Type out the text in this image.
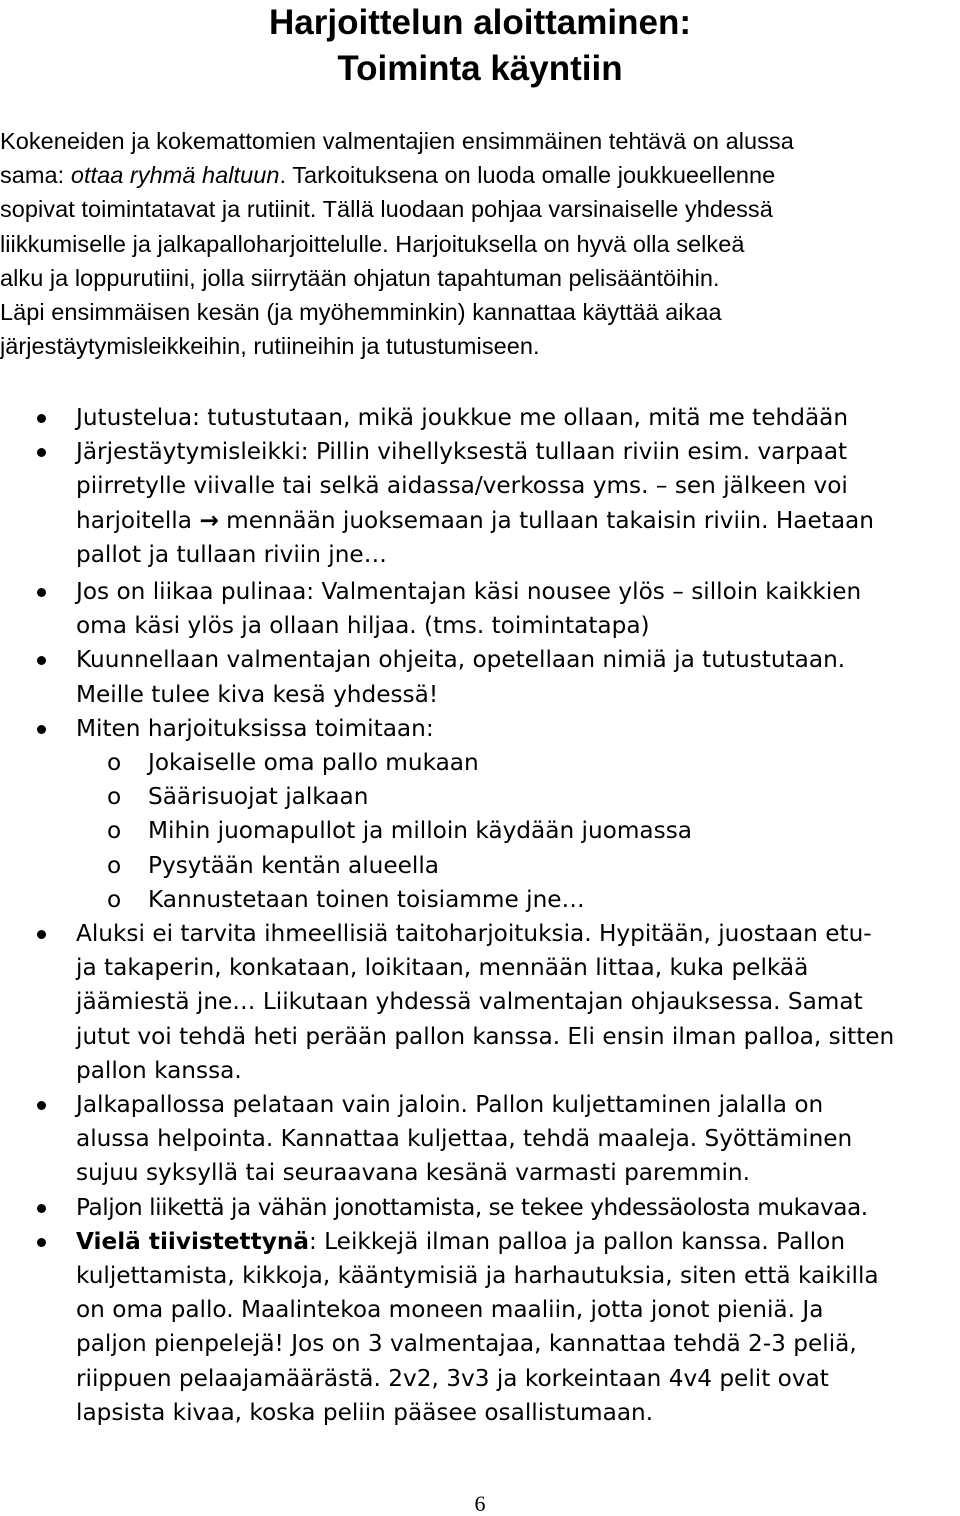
Harjoittelun aloittaminen:
Toiminta käyntiin
Kokeneiden ja kokemattomien valmentajien ensimmäinen tehtävä on alussa
sama: ottaa ryhmä haltuun. Tarkoituksena on luoda omalle joukkueellenne
sopivat toimintatavat ja rutiinit. Tällä luodaan pohjaa varsinaiselle yhdessä
liikkumiselle ja jalkapalloharjoittelulle. Harjoituksella on hyvä olla selkeä
alku ja loppurutiini, jolla siirrytään ohjatun tapahtuman pelisääntöihin.
Läpi ensimmäisen kesän (ja myöhemminkin) kannattaa käyttää aikaa
järjestäytymisleikkeihin, rutiineihin ja tutustumiseen.
Jutustelua: tutustutaan, mikä joukkue me ollaan, mitä me tehdään
Järjestäytymisleikki: Pillin vihellyksestä tullaan riviin esim. varpaat
piirretylle viivalle tai selkä aidassa/verkossa yms. – sen jälkeen voi
harjoitella → mennään juoksemaan ja tullaan takaisin riviin. Haetaan
pallot ja tullaan riviin jne…
Jos on liikaa pulinaa: Valmentajan käsi nousee ylös – silloin kaikkien
oma käsi ylös ja ollaan hiljaa. (tms. toimintatapa)
Kuunnellaan valmentajan ohjeita, opetellaan nimiä ja tutustutaan.
Meille tulee kiva kesä yhdessä!
Miten harjoituksissa toimitaan:
o Jokaiselle oma pallo mukaan
o Säärisuojat jalkaan
o Mihin juomapullot ja milloin käydään juomassa
o Pysytään kentän alueella
o Kannustetaan toinen toisiamme jne…
Aluksi ei tarvita ihmeellisiä taitoharjoituksia. Hypitään, juostaan etu-
ja takaperin, konkataan, loikitaan, mennään littaa, kuka pelkää
jäämiestä jne… Liikutaan yhdessä valmentajan ohjauksessa. Samat
jutut voi tehdä heti perään pallon kanssa. Eli ensin ilman palloa, sitten
pallon kanssa.
Jalkapallossa pelataan vain jaloin. Pallon kuljettaminen jalalla on
alussa helpointa. Kannattaa kuljettaa, tehdä maaleja. Syöttäminen
sujuu syksyllä tai seuraavana kesänä varmasti paremmin.
Paljon liikettä ja vähän jonottamista, se tekee yhdessäolosta mukavaa.
Vielä tiivistettynä: Leikkejä ilman palloa ja pallon kanssa. Pallon
kuljettamista, kikkoja, kääntymisiä ja harhautuksia, siten että kaikilla
on oma pallo. Maalintekoa moneen maaliin, jotta jonot pieniä. Ja
paljon pienpelejä! Jos on 3 valmentajaa, kannattaa tehdä 2-3 peliä,
riippuen pelaajamäärästä. 2v2, 3v3 ja korkeintaan 4v4 pelit ovat
lapsista kivaa, koska peliin pääsee osallistumaan.
6
